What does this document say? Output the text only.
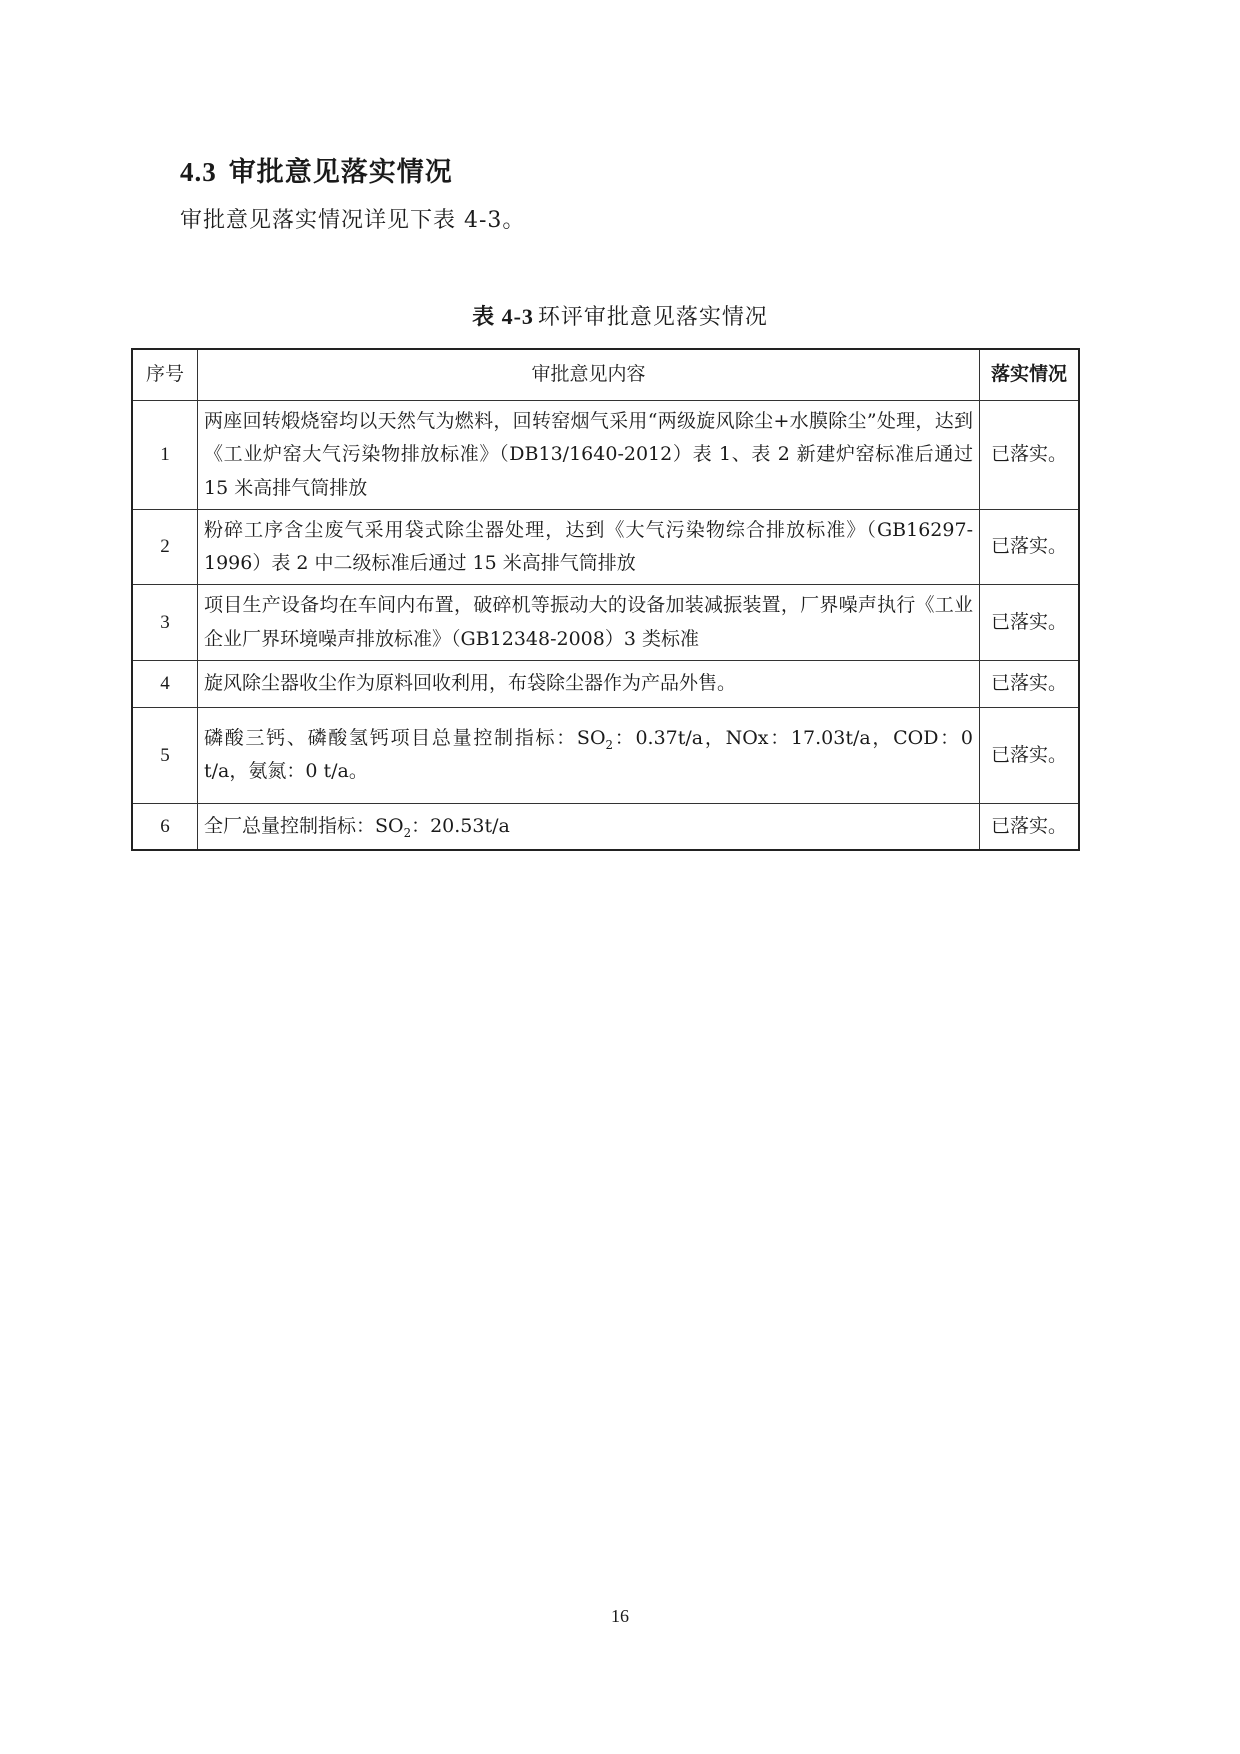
4.3 审批意见落实情况
审批意见落实情况详见下表 4-3。
表 4-3 环评审批意见落实情况
序号	审批意见内容	落实情况
1	两座回转煅烧窑均以天然气为燃料，回转窑烟气采用“两级旋风除尘+水膜除尘”处理，达到《工业炉窑大气污染物排放标准》（DB13/1640-2012）表 1、表 2 新建炉窑标准后通过 15 米高排气筒排放	已落实。
2	粉碎工序含尘废气采用袋式除尘器处理，达到《大气污染物综合排放标准》（GB16297-1996）表 2 中二级标准后通过 15 米高排气筒排放	已落实。
3	项目生产设备均在车间内布置，破碎机等振动大的设备加装减振装置，厂界噪声执行《工业企业厂界环境噪声排放标准》（GB12348-2008）3 类标准	已落实。
4	旋风除尘器收尘作为原料回收利用，布袋除尘器作为产品外售。	已落实。
5	磷酸三钙、磷酸氢钙项目总量控制指标：$SO_2$：0.37t/a，NOx：17.03t/a，COD：0 t/a，氨氮：0 t/a。	已落实。
6	全厂总量控制指标：$SO_2$：20.53t/a	已落实。
16
